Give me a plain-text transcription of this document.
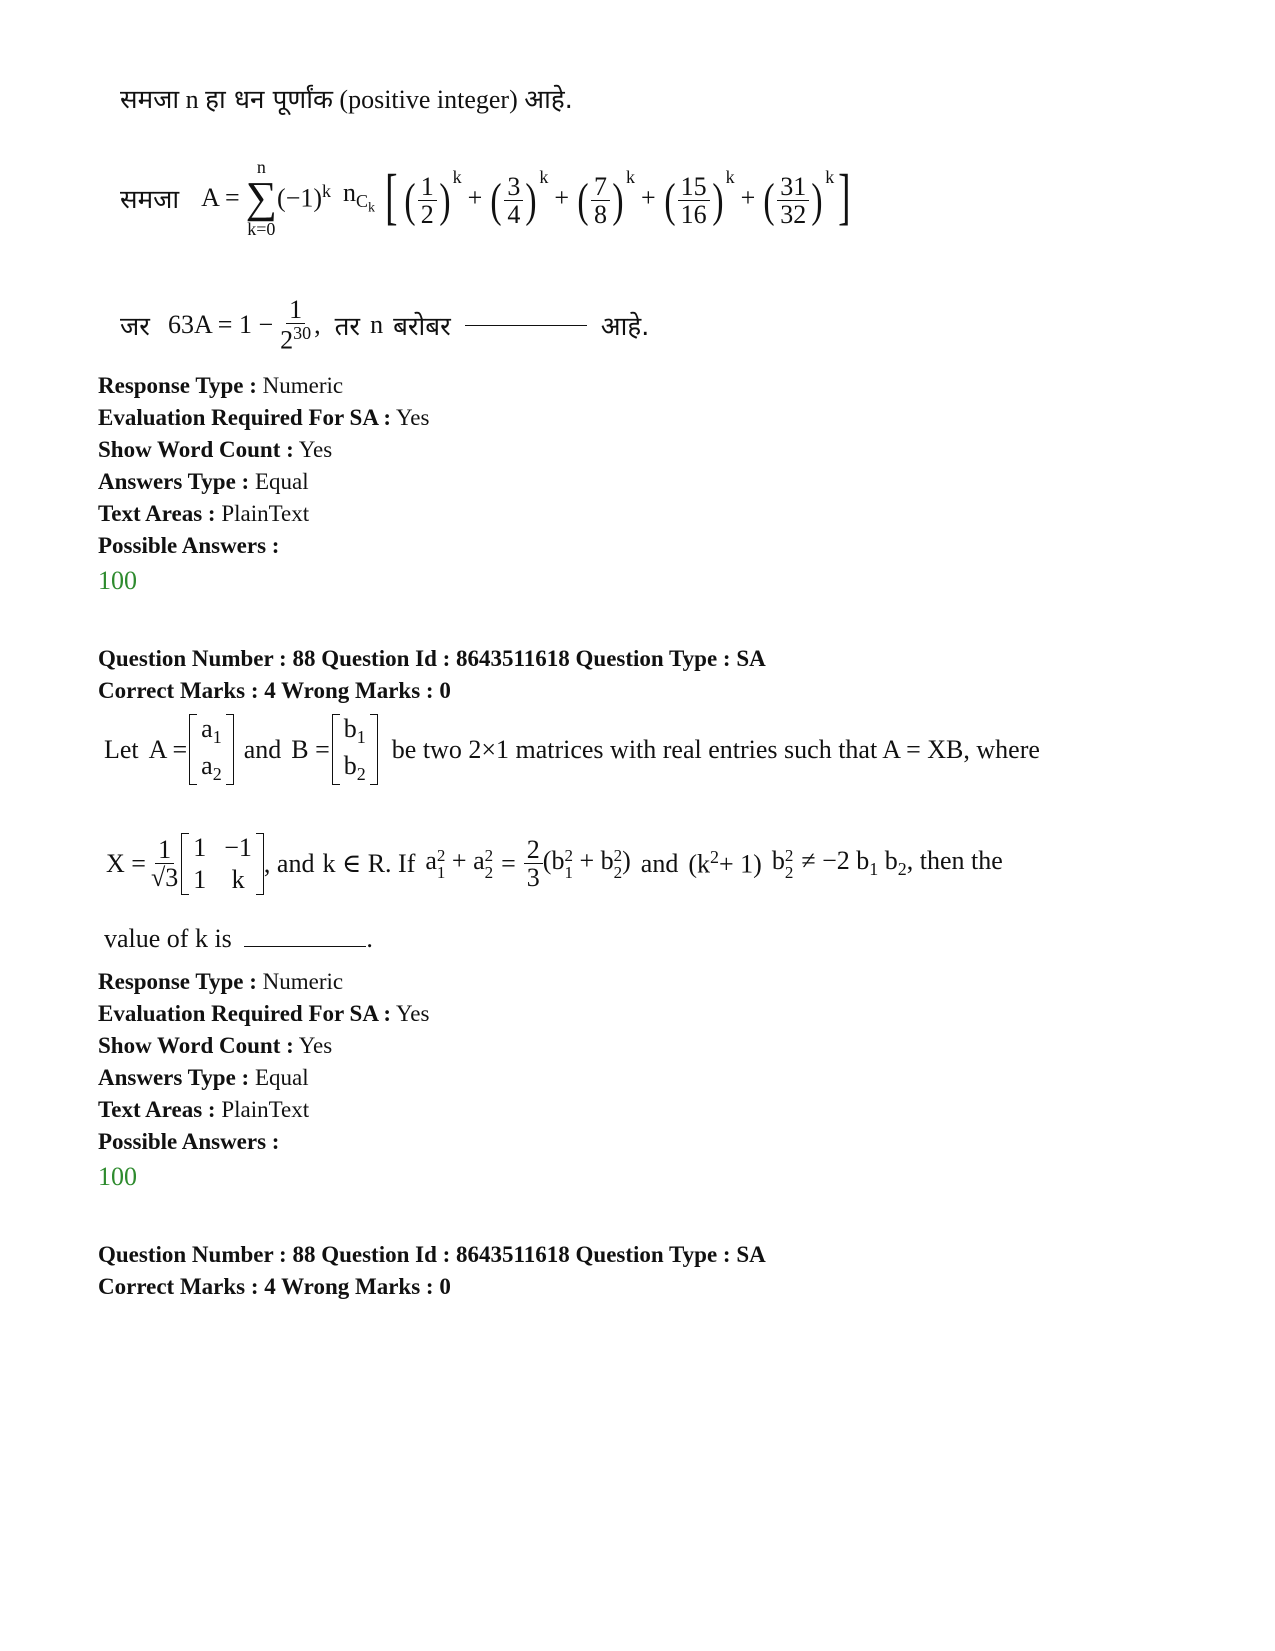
समजा n हा धन पूर्णांक (positive integer) आहे.
समजा A =
n
∑
k=0
$(-1)^k$ $n_{C_k}$ [ ( $\frac{1}{2}$ ) $^k$
+ ( $\frac{3}{4}$ ) $^k$
+ ( $\frac{7}{8}$ ) $^k$
+ ( $\frac{15}{16}$ ) $^k$
+ ( $\frac{31}{32}$ ) $^k$ ]
जर $63A = 1 - \frac{1}{2^{30}}$ , तर n बरोबर	आहे.
Response Type : Numeric
Evaluation Required For SA : Yes
Show Word Count : Yes
Answers Type : Equal
Text Areas : PlainText
Possible Answers :
100
Question Number : 88 Question Id : 8643511618 Question Type : SA
Correct Marks : 4 Wrong Marks : 0
Let A =
$a_1$
$a_2$
and B =
$b_1$
$b_2$
be two 2×1 matrices with real entries such that A = XB, where
$X = \frac{1}{√3} 1 -1$
1 k
, and k ∈ R. If a 2
1 + a 2
$2 = \frac{2}{3} (b$ 2
1 + b 2
2 ) and $(k^2+ 1)$ b 2
2 ≠ −2 $b_1$ $b_2$, then the
value of k is	.
Response Type : Numeric
Evaluation Required For SA : Yes
Show Word Count : Yes
Answers Type : Equal
Text Areas : PlainText
Possible Answers :
100
Question Number : 88 Question Id : 8643511618 Question Type : SA
Correct Marks : 4 Wrong Marks : 0
